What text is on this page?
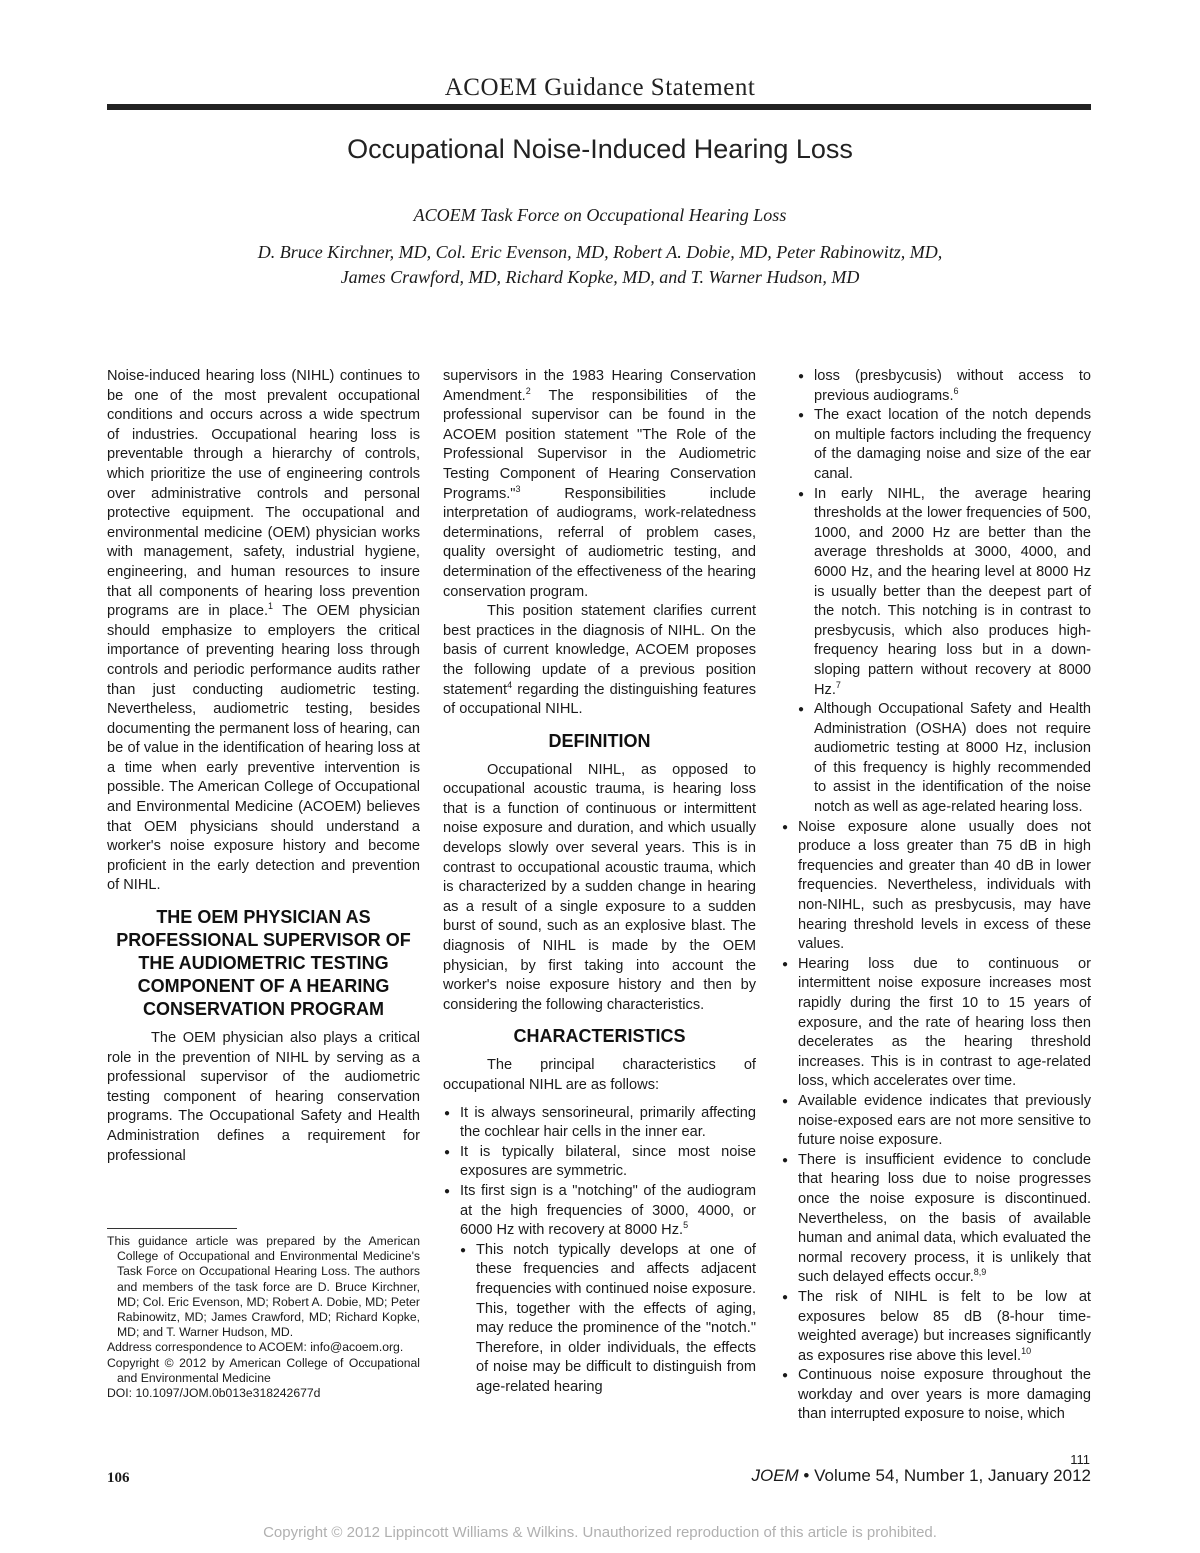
ACOEM Guidance Statement
Occupational Noise-Induced Hearing Loss
ACOEM Task Force on Occupational Hearing Loss
D. Bruce Kirchner, MD, Col. Eric Evenson, MD, Robert A. Dobie, MD, Peter Rabinowitz, MD,
James Crawford, MD, Richard Kopke, MD, and T. Warner Hudson, MD

Noise-induced hearing loss (NIHL) continues to be one of the most prevalent occupational conditions and occurs across a wide spectrum of industries. Occupational hearing loss is preventable through a hierarchy of controls, which prioritize the use of engineering controls over administrative controls and personal protective equipment. The occupational and environmental medicine (OEM) physician works with management, safety, industrial hygiene, engineering, and human resources to insure that all components of hearing loss prevention programs are in place.$^1$ The OEM physician should emphasize to employers the critical importance of preventing hearing loss through controls and periodic performance audits rather than just conducting audiometric testing. Nevertheless, audiometric testing, besides documenting the permanent loss of hearing, can be of value in the identification of hearing loss at a time when early preventive intervention is possible. The American College of Occupational and Environmental Medicine (ACOEM) believes that OEM physicians should understand a worker's noise exposure history and become proficient in the early detection and prevention of NIHL.

THE OEM PHYSICIAN AS PROFESSIONAL SUPERVISOR OF THE AUDIOMETRIC TESTING COMPONENT OF A HEARING CONSERVATION PROGRAM

The OEM physician also plays a critical role in the prevention of NIHL by serving as a professional supervisor of the audiometric testing component of hearing conservation programs. The Occupational Safety and Health Administration defines a requirement for professional

supervisors in the 1983 Hearing Conservation Amendment.$^2$ The responsibilities of the professional supervisor can be found in the ACOEM position statement "The Role of the Professional Supervisor in the Audiometric Testing Component of Hearing Conservation Programs."$^3$ Responsibilities include interpretation of audiograms, work-relatedness determinations, referral of problem cases, quality oversight of audiometric testing, and determination of the effectiveness of the hearing conservation program.

This position statement clarifies current best practices in the diagnosis of NIHL. On the basis of current knowledge, ACOEM proposes the following update of a previous position statement$^4$ regarding the distinguishing features of occupational NIHL.

DEFINITION

Occupational NIHL, as opposed to occupational acoustic trauma, is hearing loss that is a function of continuous or intermittent noise exposure and duration, and which usually develops slowly over several years. This is in contrast to occupational acoustic trauma, which is characterized by a sudden change in hearing as a result of a single exposure to a sudden burst of sound, such as an explosive blast. The diagnosis of NIHL is made by the OEM physician, by first taking into account the worker's noise exposure history and then by considering the following characteristics.

CHARACTERISTICS

The principal characteristics of occupational NIHL are as follows:

● It is always sensorineural, primarily affecting the cochlear hair cells in the inner ear.
● It is typically bilateral, since most noise exposures are symmetric.
● Its first sign is a "notching" of the audiogram at the high frequencies of 3000, 4000, or 6000 Hz with recovery at 8000 Hz.$^5$
● This notch typically develops at one of these frequencies and affects adjacent frequencies with continued noise exposure. This, together with the effects of aging, may reduce the prominence of the "notch." Therefore, in older individuals, the effects of noise may be difficult to distinguish from age-related hearing
● loss (presbycusis) without access to previous audiograms.$^6$
● The exact location of the notch depends on multiple factors including the frequency of the damaging noise and size of the ear canal.
● In early NIHL, the average hearing thresholds at the lower frequencies of 500, 1000, and 2000 Hz are better than the average thresholds at 3000, 4000, and 6000 Hz, and the hearing level at 8000 Hz is usually better than the deepest part of the notch. This notching is in contrast to presbycusis, which also produces high-frequency hearing loss but in a down-sloping pattern without recovery at 8000 Hz.$^7$
● Although Occupational Safety and Health Administration (OSHA) does not require audiometric testing at 8000 Hz, inclusion of this frequency is highly recommended to assist in the identification of the noise notch as well as age-related hearing loss.
● Noise exposure alone usually does not produce a loss greater than 75 dB in high frequencies and greater than 40 dB in lower frequencies. Nevertheless, individuals with non-NIHL, such as presbycusis, may have hearing threshold levels in excess of these values.
● Hearing loss due to continuous or intermittent noise exposure increases most rapidly during the first 10 to 15 years of exposure, and the rate of hearing loss then decelerates as the hearing threshold increases. This is in contrast to age-related loss, which accelerates over time.
● Available evidence indicates that previously noise-exposed ears are not more sensitive to future noise exposure.
● There is insufficient evidence to conclude that hearing loss due to noise progresses once the noise exposure is discontinued. Nevertheless, on the basis of available human and animal data, which evaluated the normal recovery process, it is unlikely that such delayed effects occur.$^{8,9}$
● The risk of NIHL is felt to be low at exposures below 85 dB (8-hour time-weighted average) but increases significantly as exposures rise above this level.$^{10}$
● Continuous noise exposure throughout the workday and over years is more damaging than interrupted exposure to noise, which

This guidance article was prepared by the American College of Occupational and Environmental Medicine's Task Force on Occupational Hearing Loss. The authors and members of the task force are D. Bruce Kirchner, MD; Col. Eric Evenson, MD; Robert A. Dobie, MD; Peter Rabinowitz, MD; James Crawford, MD; Richard Kopke, MD; and T. Warner Hudson, MD.

Address correspondence to ACOEM: info@acoem.org.

Copyright © 2012 by American College of Occupational and Environmental Medicine

DOI: 10.1097/JOM.0b013e318242677d

111
106	JOEM • Volume 54, Number 1, January 2012
Copyright © 2012 Lippincott Williams & Wilkins. Unauthorized reproduction of this article is prohibited.
